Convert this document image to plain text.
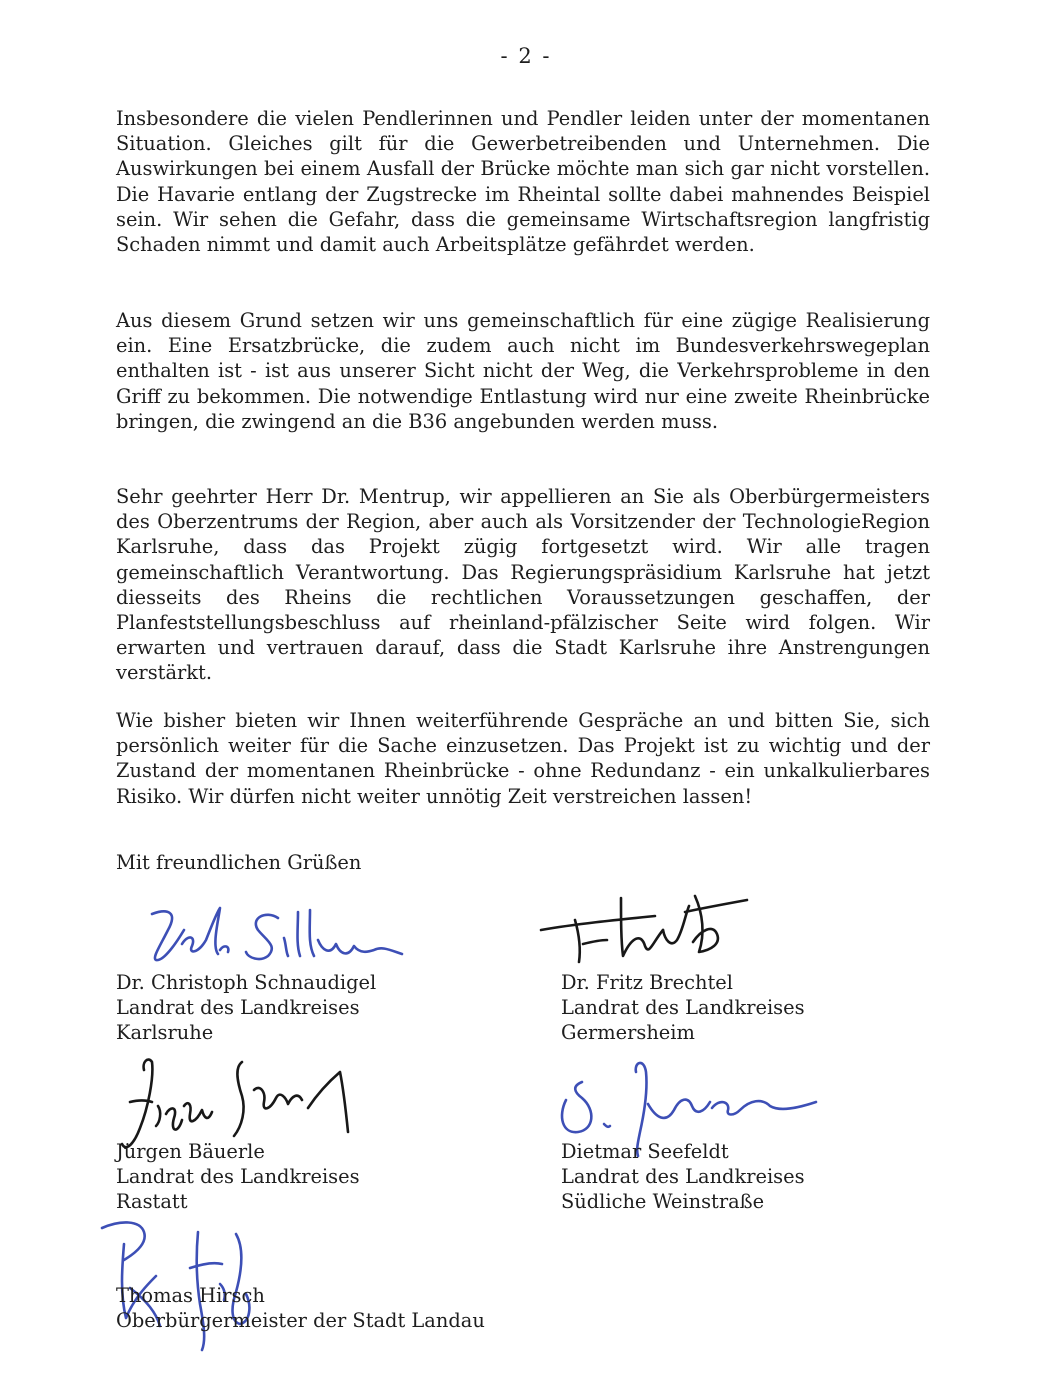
- 2 -

Insbesondere die vielen Pendlerinnen und Pendler leiden unter der momentanen Situation. Gleiches gilt für die Gewerbetreibenden und Unternehmen. Die Auswirkungen bei einem Ausfall der Brücke möchte man sich gar nicht vorstellen. Die Havarie entlang der Zugstrecke im Rheintal sollte dabei mahnendes Beispiel sein. Wir sehen die Gefahr, dass die gemeinsame Wirtschaftsregion langfristig Schaden nimmt und damit auch Arbeitsplätze gefährdet werden.

Aus diesem Grund setzen wir uns gemeinschaftlich für eine zügige Realisierung ein. Eine Ersatzbrücke, die zudem auch nicht im Bundesverkehrswegeplan enthalten ist - ist aus unserer Sicht nicht der Weg, die Verkehrsprobleme in den Griff zu bekommen. Die notwendige Entlastung wird nur eine zweite Rheinbrücke bringen, die zwingend an die B36 angebunden werden muss.

Sehr geehrter Herr Dr. Mentrup, wir appellieren an Sie als Oberbürgermeisters des Oberzentrums der Region, aber auch als Vorsitzender der TechnologieRegion Karlsruhe, dass das Projekt zügig fortgesetzt wird. Wir alle tragen gemeinschaftlich Verantwortung. Das Regierungspräsidium Karlsruhe hat jetzt diesseits des Rheins die rechtlichen Voraussetzungen geschaffen, der Planfeststellungsbeschluss auf rheinland-pfälzischer Seite wird folgen. Wir erwarten und vertrauen darauf, dass die Stadt Karlsruhe ihre Anstrengungen verstärkt.

Wie bisher bieten wir Ihnen weiterführende Gespräche an und bitten Sie, sich persönlich weiter für die Sache einzusetzen. Das Projekt ist zu wichtig und der Zustand der momentanen Rheinbrücke - ohne Redundanz - ein unkalkulierbares Risiko. Wir dürfen nicht weiter unnötig Zeit verstreichen lassen!

Mit freundlichen Grüßen
Dr. Christoph Schnaudigel
Landrat des Landkreises
Karlsruhe
Dr. Fritz Brechtel
Landrat des Landkreises
Germersheim
Jürgen Bäuerle
Landrat des Landkreises
Rastatt
Dietmar Seefeldt
Landrat des Landkreises
Südliche Weinstraße
Thomas Hirsch
Oberbürgermeister der Stadt Landau
